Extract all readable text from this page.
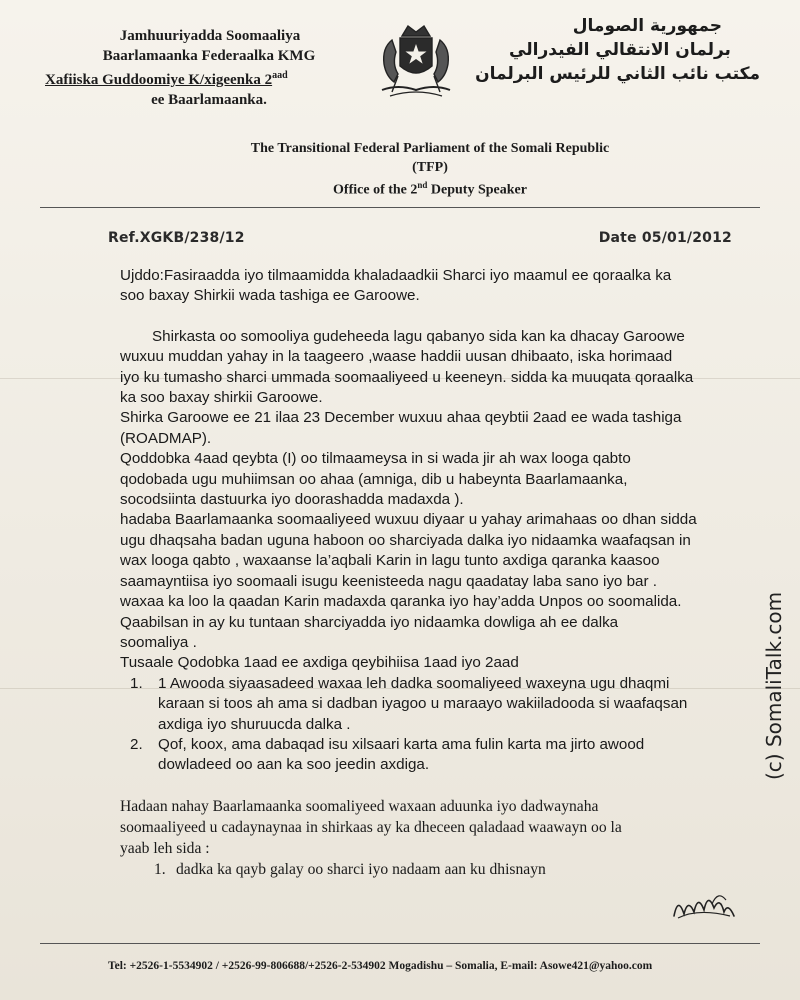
Jamhuuriyadda Soomaaliya
Baarlamaanka Federaalka KMG
Xafiiska Guddoomiye K/xigeenka $2^{aad}$
ee Baarlamaanka.
جمهورية الصومال
برلمان الانتقالي الفيدرالي
مكتب نائب الثاني للرئيس البرلمان
The Transitional Federal Parliament of the Somali Republic
(TFP)
Office of the 2nd Deputy Speaker
Ref.XGKB/238/12	Date 05/01/2012

Ujddo:Fasiraadda iyo tilmaamidda khaladaadkii Sharci iyo maamul ee qoraalka ka

soo baxay Shirkii wada tashiga ee Garoowe.

Shirkasta oo somooliya gudeheeda lagu qabanyo sida kan ka dhacay Garoowe

wuxuu muddan yahay in la taageero ,waase haddii uusan dhibaato, iska horimaad

iyo ku tumasho sharci ummada soomaaliyeed u keeneyn. sidda ka muuqata qoraalka

ka soo baxay shirkii Garoowe.

Shirka Garoowe ee 21 ilaa 23 December wuxuu ahaa qeybtii 2aad ee wada tashiga

(ROADMAP).

Qoddobka 4aad qeybta (I) oo tilmaameysa in si wada jir ah wax looga qabto

qodobada ugu muhiimsan oo ahaa (amniga, dib u habeynta Baarlamaanka,

socodsiinta dastuurka iyo doorashadda madaxda ).

hadaba Baarlamaanka soomaaliyeed wuxuu diyaar u yahay arimahaas oo dhan sidda

ugu dhaqsaha badan uguna haboon oo sharciyada dalka iyo nidaamka waafaqsan in

wax looga qabto , waxaanse la’aqbali Karin in lagu tunto axdiga qaranka kaasoo

saamayntiisa iyo soomaali isugu keenisteeda nagu qaadatay laba sano iyo bar .

waxaa ka loo la qaadan Karin madaxda qaranka iyo hay’adda Unpos oo soomalida.

Qaabilsan in ay ku tuntaan sharciyadda iyo nidaamka dowliga ah ee dalka

soomaliya .

Tusaale Qodobka 1aad ee axdiga qeybihiisa 1aad iyo 2aad

1. 1 Awooda siyaasadeed waxaa leh dadka soomaliyeed waxeyna ugu dhaqmi
karaan si toos ah ama si dadban iyagoo u maraayo wakiiladooda si waafaqsan
axdiga iyo shuruucda dalka .
2. Qof, koox, ama dabaqad isu xilsaari karta ama fulin karta ma jirto awood
dowladeed oo aan ka soo jeedin axdiga.

Hadaan nahay Baarlamaanka soomaliyeed waxaan aduunka iyo dadwaynaha

soomaaliyeed u cadaynaynaa in shirkaas ay ka dheceen qaladaad waawayn oo la

yaab leh sida :

1. dadka ka qayb galay oo sharci iyo nadaam aan ku dhisnayn
(c) SomaliTalk.com
Tel: +2526-1-5534902 / +2526-99-806688/+2526-2-534902 Mogadishu – Somalia, E-mail: Asowe421@yahoo.com
